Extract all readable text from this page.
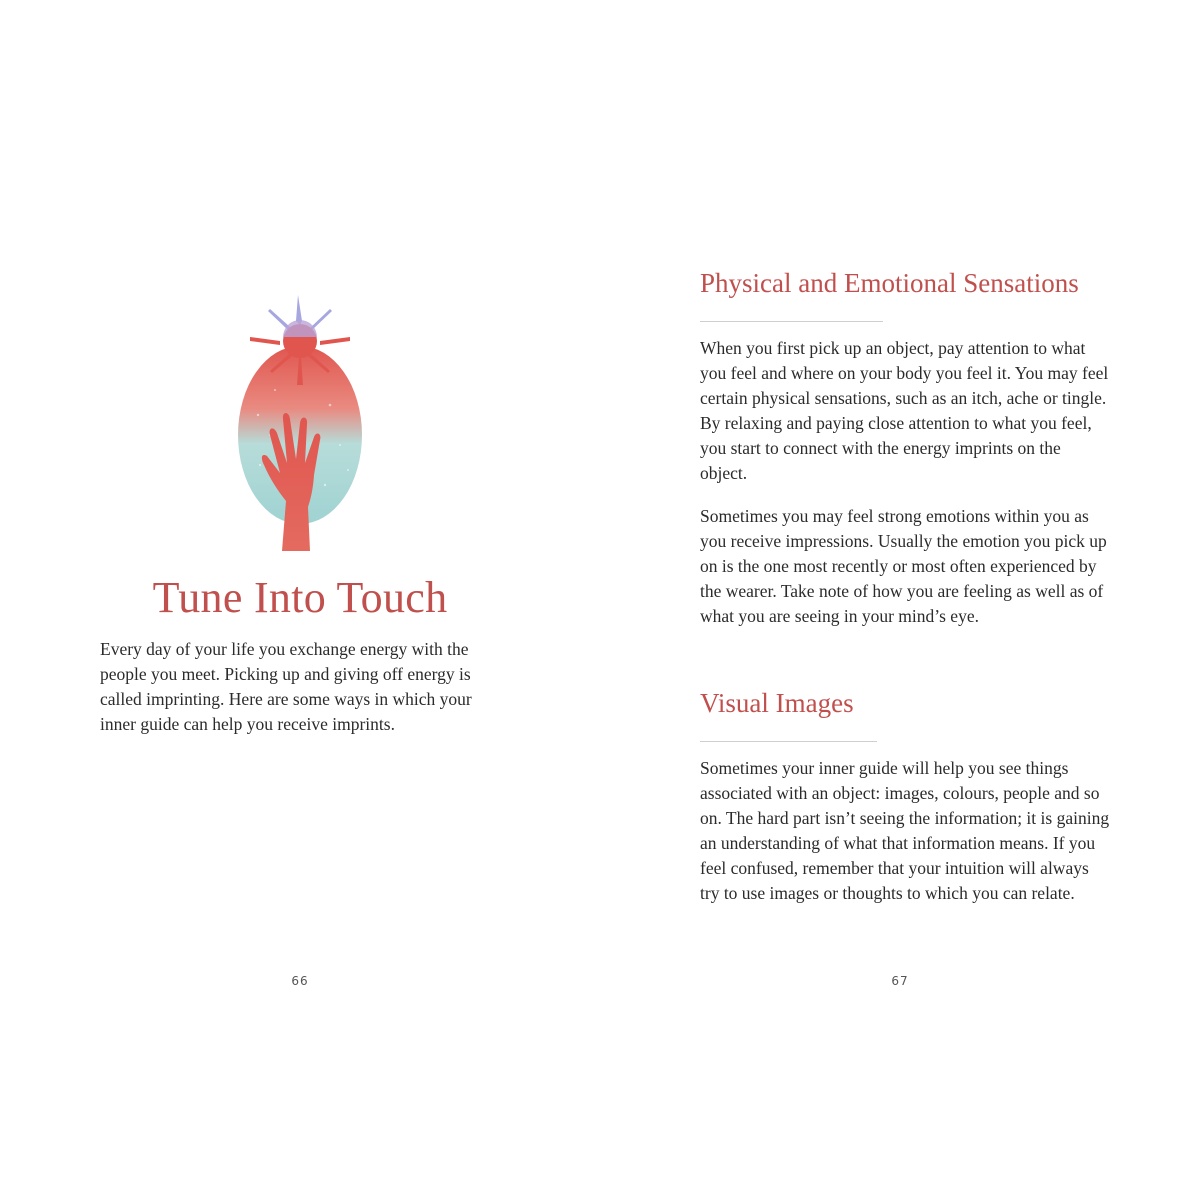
Tune Into Touch

Every day of your life you exchange energy with the people you meet. Picking up and giving off energy is called imprinting. Here are some ways in which your inner guide can help you receive imprints.

66
Physical and Emotional Sensations

When you first pick up an object, pay attention to what you feel and where on your body you feel it. You may feel certain physical sensations, such as an itch, ache or tingle. By relaxing and paying close attention to what you feel, you start to connect with the energy imprints on the object.

Sometimes you may feel strong emotions within you as you receive impressions. Usually the emotion you pick up on is the one most recently or most often experienced by the wearer. Take note of how you are feeling as well as of what you are seeing in your mind’s eye.

Visual Images

Sometimes your inner guide will help you see things associated with an object: images, colours, people and so on. The hard part isn’t seeing the information; it is gaining an understanding of what that information means. If you feel confused, remember that your intuition will always try to use images or thoughts to which you can relate.

67
